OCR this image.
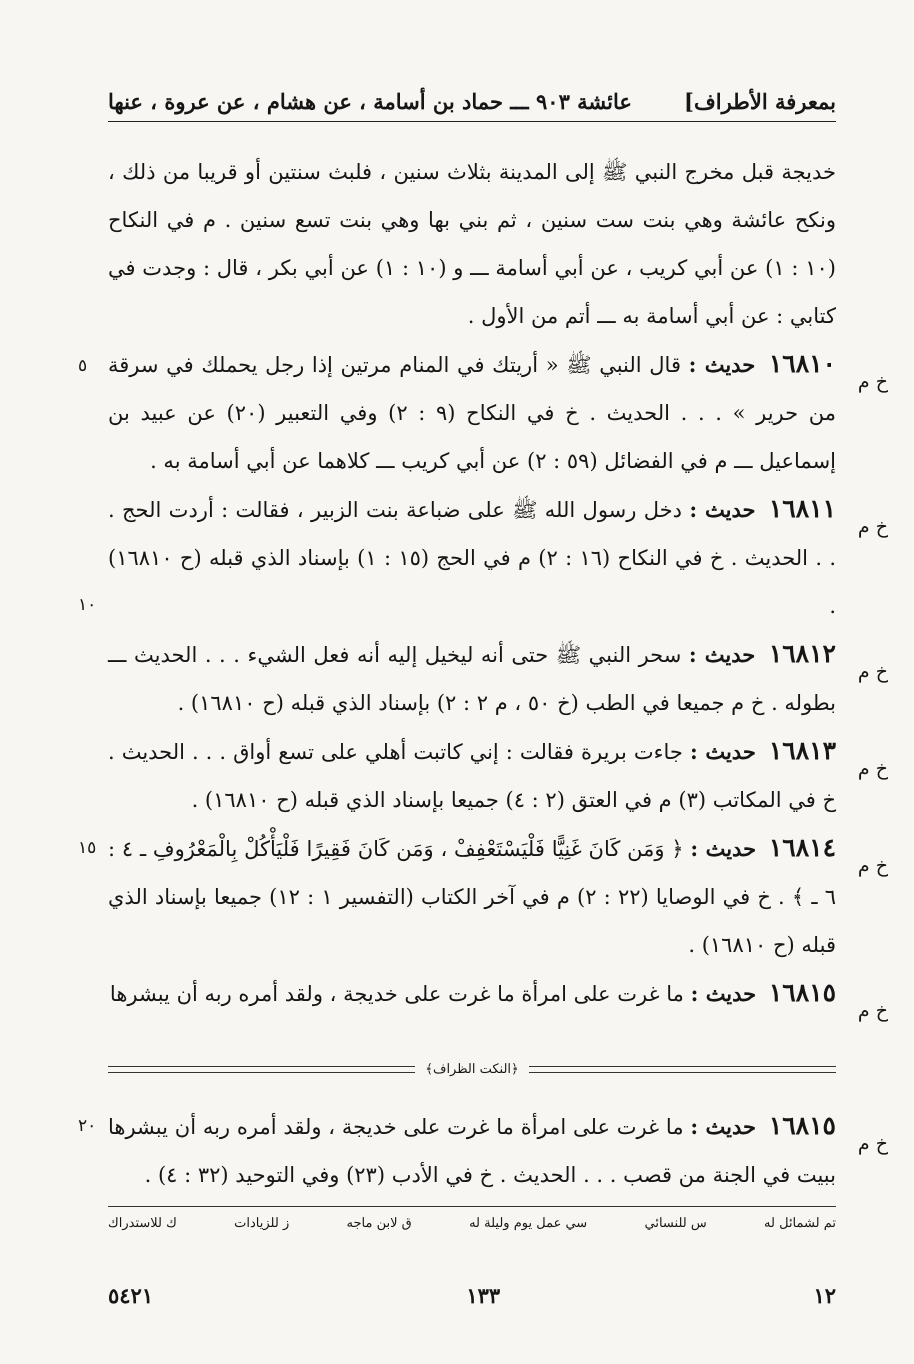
بمعرفة الأطراف]
عائشة ٩٠٣ ـــ حماد بن أسامة ، عن هشام ، عن عروة ، عنها

خديجة قبل مخرج النبي ﷺ إلى المدينة بثلاث سنين ، فلبث سنتين أو قريبا من ذلك ، ونكح عائشة وهي بنت ست سنين ، ثم بني بها وهي بنت تسع سنين . م في النكاح (١٠ : ١) عن أبي كريب ، عن أبي أسامة ـــ و (١٠ : ١) عن أبي بكر ، قال : وجدت في كتابي : عن أبي أسامة به ـــ أتم من الأول .

١٦٨١٠ حديث : قال النبي ﷺ « أريتك في المنام مرتين إذا رجل يحملك في سرقة من حرير » . . . الحديث . خ في النكاح (٩ : ٢) وفي التعبير (٢٠) عن عبيد بن إسماعيل ـــ م في الفضائل (٥٩ : ٢) عن أبي كريب ـــ كلاهما عن أبي أسامة به .
خ م
٥

١٦٨١١ حديث : دخل رسول الله ﷺ على ضباعة بنت الزبير ، فقالت : أردت الحج . . . الحديث . خ في النكاح (١٦ : ٢) م في الحج (١٥ : ١) بإسناد الذي قبله (ح ١٦٨١٠) .
خ م
١٠

١٦٨١٢ حديث : سحر النبي ﷺ حتى أنه ليخيل إليه أنه فعل الشيء . . . الحديث ـــ بطوله . خ م جميعا في الطب (خ ٥٠ ، م ٢ : ٢) بإسناد الذي قبله (ح ١٦٨١٠) .
خ م

١٦٨١٣ حديث : جاءت بريرة فقالت : إني كاتبت أهلي على تسع أواق . . . الحديث . خ في المكاتب (٣) م في العتق (٢ : ٤) جميعا بإسناد الذي قبله (ح ١٦٨١٠) .
خ م

١٦٨١٤ حديث : ﴿ وَمَن كَانَ غَنِيًّا فَلْيَسْتَعْفِفْ ، وَمَن كَانَ فَقِيرًا فَلْيَأْكُلْ بِالْمَعْرُوفِ ـ ٤ : ٦ ـ ﴾ . خ في الوصايا (٢٢ : ٢) م في آخر الكتاب (التفسير ١ : ١٢) جميعا بإسناد الذي قبله (ح ١٦٨١٠) .
خ م
١٥

١٦٨١٥ حديث : ما غرت على امرأة ما غرت على خديجة ، ولقد أمره ربه أن يبشرها
خ م

﴿ النكت الظراف ﴾

١٦٨١٥ حديث : ما غرت على امرأة ما غرت على خديجة ، ولقد أمره ربه أن يبشرها ببيت في الجنة من قصب . . . الحديث . خ في الأدب (٢٣) وفي التوحيد (٣٢ : ٤) .
خ م
٢٠

تم لشمائل له
س للنسائي
سي عمل يوم وليلة له
ق لابن ماجه
ز للزيادات
ك للاستدراك
١٢
١٣٣
٥٤٢١
